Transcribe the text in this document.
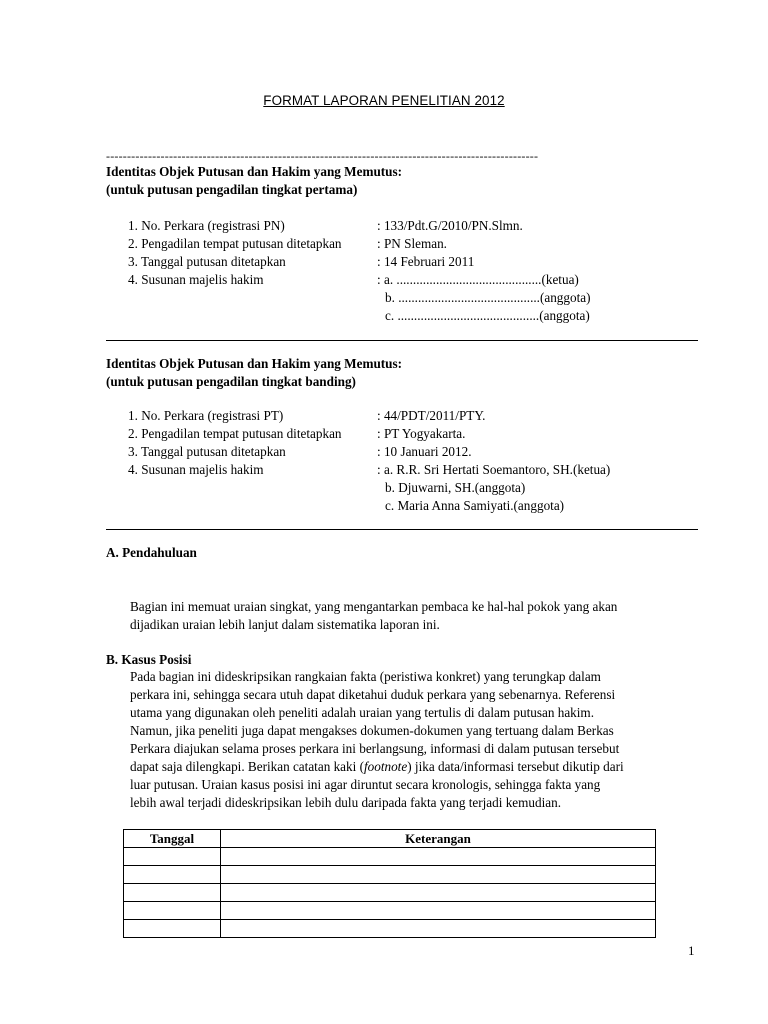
FORMAT LAPORAN PENELITIAN 2012
-------------------------------------------------------------------------------------------------------
Identitas Objek Putusan dan Hakim yang Memutus:
(untuk putusan pengadilan tingkat pertama)
1. No. Perkara (registrasi PN)	: 133/Pdt.G/2010/PN.Slmn.
2. Pengadilan tempat putusan ditetapkan	: PN Sleman.
3. Tanggal putusan ditetapkan	: 14 Februari 2011
4. Susunan majelis hakim	: a. ............................................(ketua)
b. ...........................................(anggota)
c. ...........................................(anggota)
Identitas Objek Putusan dan Hakim yang Memutus:
(untuk putusan pengadilan tingkat banding)
1. No. Perkara (registrasi PT)	: 44/PDT/2011/PTY.
2. Pengadilan tempat putusan ditetapkan	: PT Yogyakarta.
3. Tanggal putusan ditetapkan	: 10 Januari 2012.
4. Susunan majelis hakim	: a. R.R. Sri Hertati Soemantoro, SH.(ketua)
b. Djuwarni, SH.(anggota)
c. Maria Anna Samiyati.(anggota)
A. Pendahuluan
Bagian ini memuat uraian singkat, yang mengantarkan pembaca ke hal-hal pokok yang akan
dijadikan uraian lebih lanjut dalam sistematika laporan ini.
B. Kasus Posisi
Pada bagian ini dideskripsikan rangkaian fakta (peristiwa konkret) yang terungkap dalam
perkara ini, sehingga secara utuh dapat diketahui duduk perkara yang sebenarnya. Referensi
utama yang digunakan oleh peneliti adalah uraian yang tertulis di dalam putusan hakim.
Namun, jika peneliti juga dapat mengakses dokumen-dokumen yang tertuang dalam Berkas
Perkara diajukan selama proses perkara ini berlangsung, informasi di dalam putusan tersebut
dapat saja dilengkapi. Berikan catatan kaki (footnote) jika data/informasi tersebut dikutip dari
luar putusan. Uraian kasus posisi ini agar diruntut secara kronologis, sehingga fakta yang
lebih awal terjadi dideskripsikan lebih dulu daripada fakta yang terjadi kemudian.
Tanggal	Keterangan

1
